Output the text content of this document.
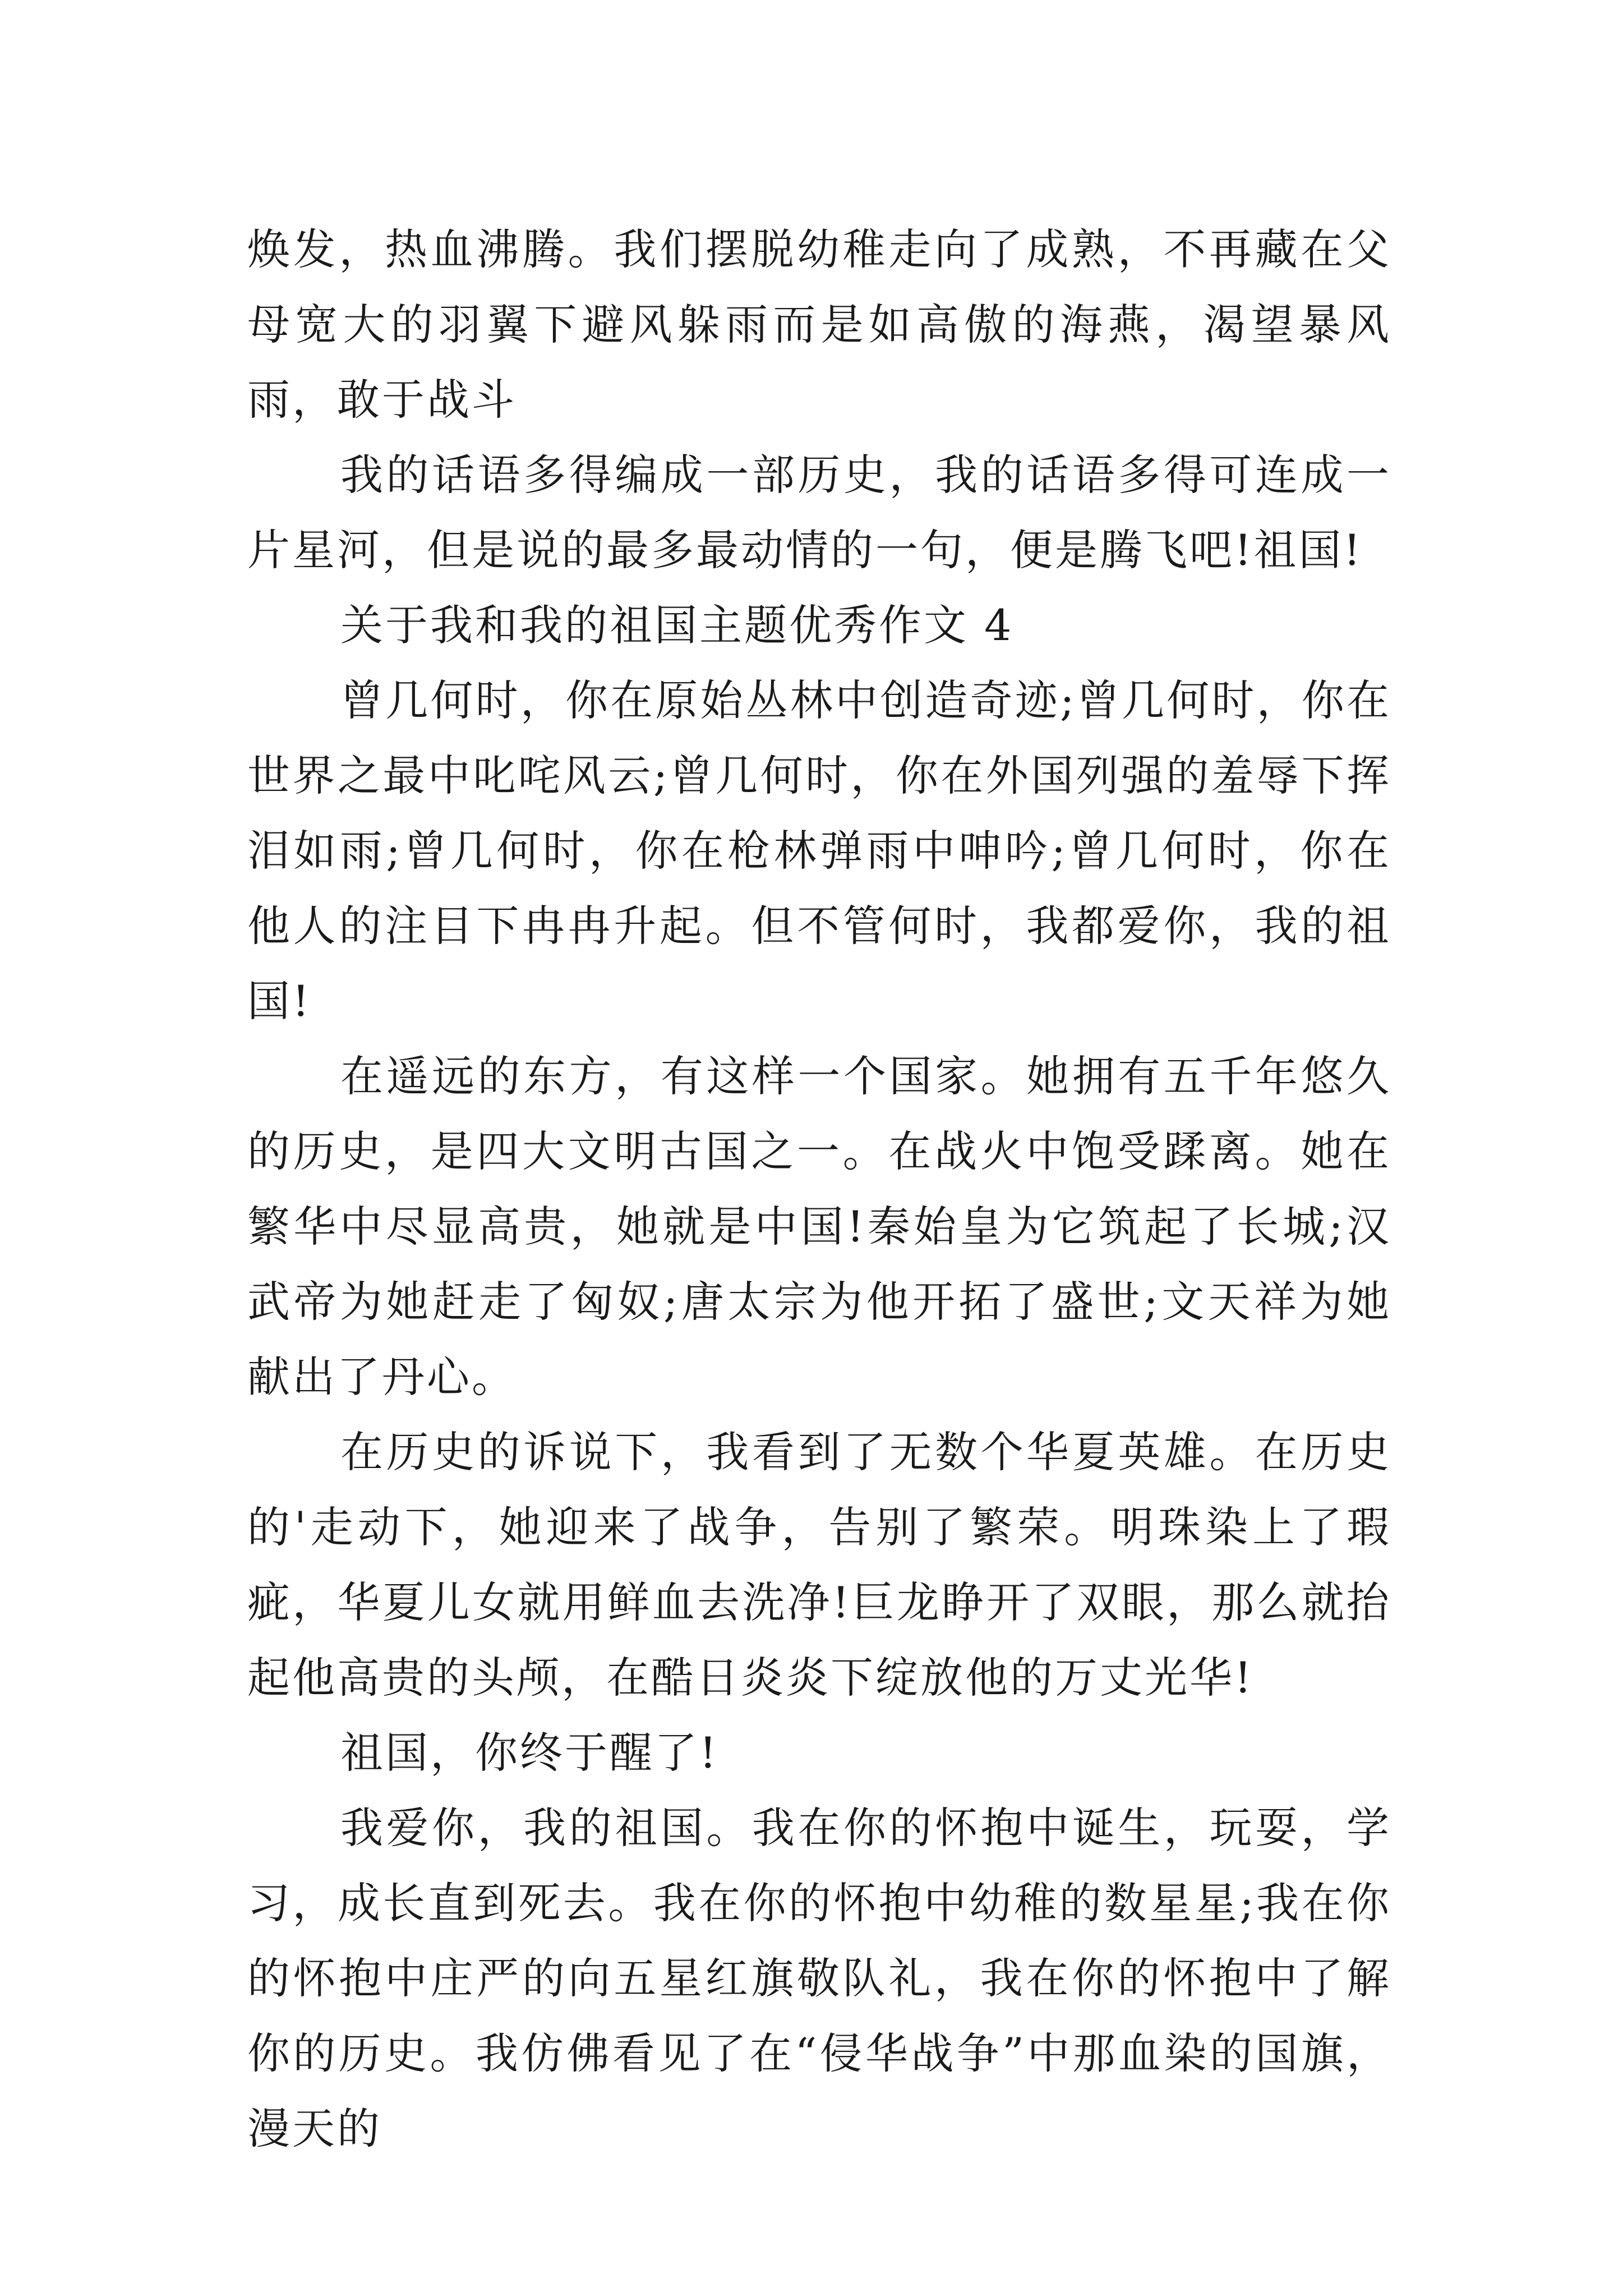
焕发，热血沸腾。我们摆脱幼稚走向了成熟，不再藏在父母宽大的羽翼下避风躲雨而是如高傲的海燕，渴望暴风雨，敢于战斗

我的话语多得编成一部历史，我的话语多得可连成一片星河，但是说的最多最动情的一句，便是腾飞吧!祖国!

关于我和我的祖国主题优秀作文 4

曾几何时，你在原始丛林中创造奇迹;曾几何时，你在世界之最中叱咤风云;曾几何时，你在外国列强的羞辱下挥泪如雨;曾几何时，你在枪林弹雨中呻吟;曾几何时，你在他人的注目下冉冉升起。但不管何时，我都爱你，我的祖国!

在遥远的东方，有这样一个国家。她拥有五千年悠久的历史，是四大文明古国之一。在战火中饱受蹂离。她在繁华中尽显高贵，她就是中国!秦始皇为它筑起了长城;汉武帝为她赶走了匈奴;唐太宗为他开拓了盛世;文天祥为她献出了丹心。

在历史的诉说下，我看到了无数个华夏英雄。在历史的'走动下，她迎来了战争，告别了繁荣。明珠染上了瑕疵，华夏儿女就用鲜血去洗净!巨龙睁开了双眼，那么就抬起他高贵的头颅，在酷日炎炎下绽放他的万丈光华!

祖国，你终于醒了!

我爱你，我的祖国。我在你的怀抱中诞生，玩耍，学习，成长直到死去。我在你的怀抱中幼稚的数星星;我在你的怀抱中庄严的向五星红旗敬队礼，我在你的怀抱中了解你的历史。我仿佛看见了在“侵华战争”中那血染的国旗，漫天的
